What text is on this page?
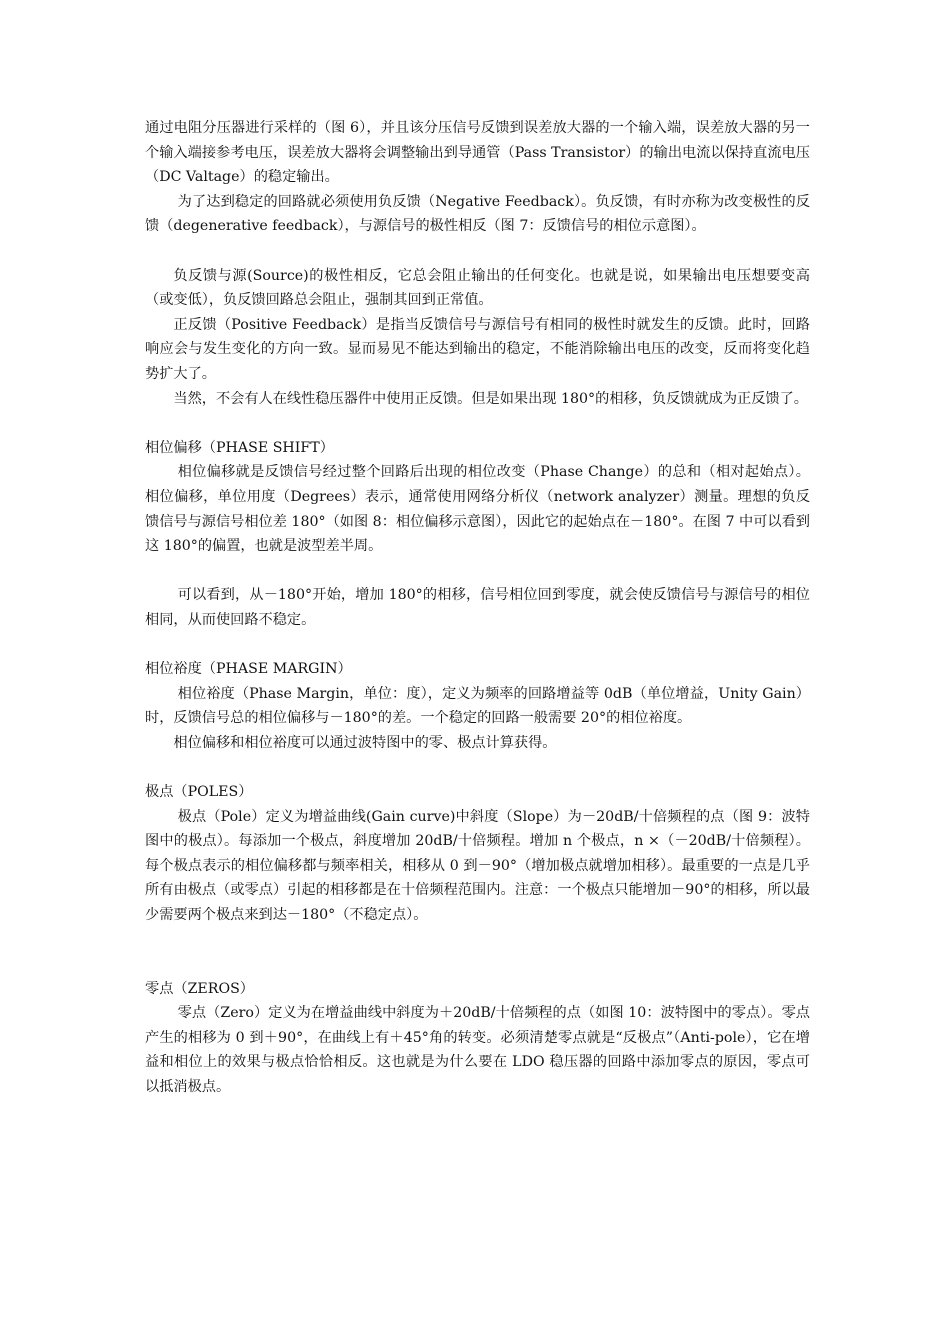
通过电阻分压器进行采样的（图 6），并且该分压信号反馈到误差放大器的一个输入端，误差放大器的另一个输入端接参考电压，误差放大器将会调整输出到导通管（Pass Transistor）的输出电流以保持直流电压（DC Valtage）的稳定输出。

为了达到稳定的回路就必须使用负反馈（Negative Feedback）。负反馈，有时亦称为改变极性的反馈（degenerative feedback），与源信号的极性相反（图 7：反馈信号的相位示意图）。

负反馈与源(Source)的极性相反，它总会阻止输出的任何变化。也就是说，如果输出电压想要变高（或变低），负反馈回路总会阻止，强制其回到正常值。

正反馈（Positive Feedback）是指当反馈信号与源信号有相同的极性时就发生的反馈。此时，回路响应会与发生变化的方向一致。显而易见不能达到输出的稳定，不能消除输出电压的改变，反而将变化趋势扩大了。

当然，不会有人在线性稳压器件中使用正反馈。但是如果出现 180°的相移，负反馈就成为正反馈了。

相位偏移（PHASE SHIFT）

相位偏移就是反馈信号经过整个回路后出现的相位改变（Phase Change）的总和（相对起始点）。相位偏移，单位用度（Degrees）表示，通常使用网络分析仪（network analyzer）测量。理想的负反馈信号与源信号相位差 180°（如图 8：相位偏移示意图），因此它的起始点在－180°。在图 7 中可以看到这 180°的偏置，也就是波型差半周。

可以看到，从－180°开始，增加 180°的相移，信号相位回到零度，就会使反馈信号与源信号的相位相同，从而使回路不稳定。

相位裕度（PHASE MARGIN）

相位裕度（Phase Margin，单位：度），定义为频率的回路增益等 0dB（单位增益，Unity Gain）时，反馈信号总的相位偏移与－180°的差。一个稳定的回路一般需要 20°的相位裕度。

相位偏移和相位裕度可以通过波特图中的零、极点计算获得。

极点（POLES）

极点（Pole）定义为增益曲线(Gain curve)中斜度（Slope）为－20dB/十倍频程的点（图 9：波特图中的极点）。每添加一个极点，斜度增加 20dB/十倍频程。增加 n 个极点，n ×（－20dB/十倍频程）。每个极点表示的相位偏移都与频率相关，相移从 0 到－90°（增加极点就增加相移）。最重要的一点是几乎所有由极点（或零点）引起的相移都是在十倍频程范围内。注意：一个极点只能增加－90°的相移，所以最少需要两个极点来到达－180°（不稳定点）。

零点（ZEROS）

零点（Zero）定义为在增益曲线中斜度为＋20dB/十倍频程的点（如图 10：波特图中的零点）。零点产生的相移为 0 到＋90°，在曲线上有＋45°角的转变。必须清楚零点就是“反极点”（Anti-pole），它在增益和相位上的效果与极点恰恰相反。这也就是为什么要在 LDO 稳压器的回路中添加零点的原因，零点可以抵消极点。
